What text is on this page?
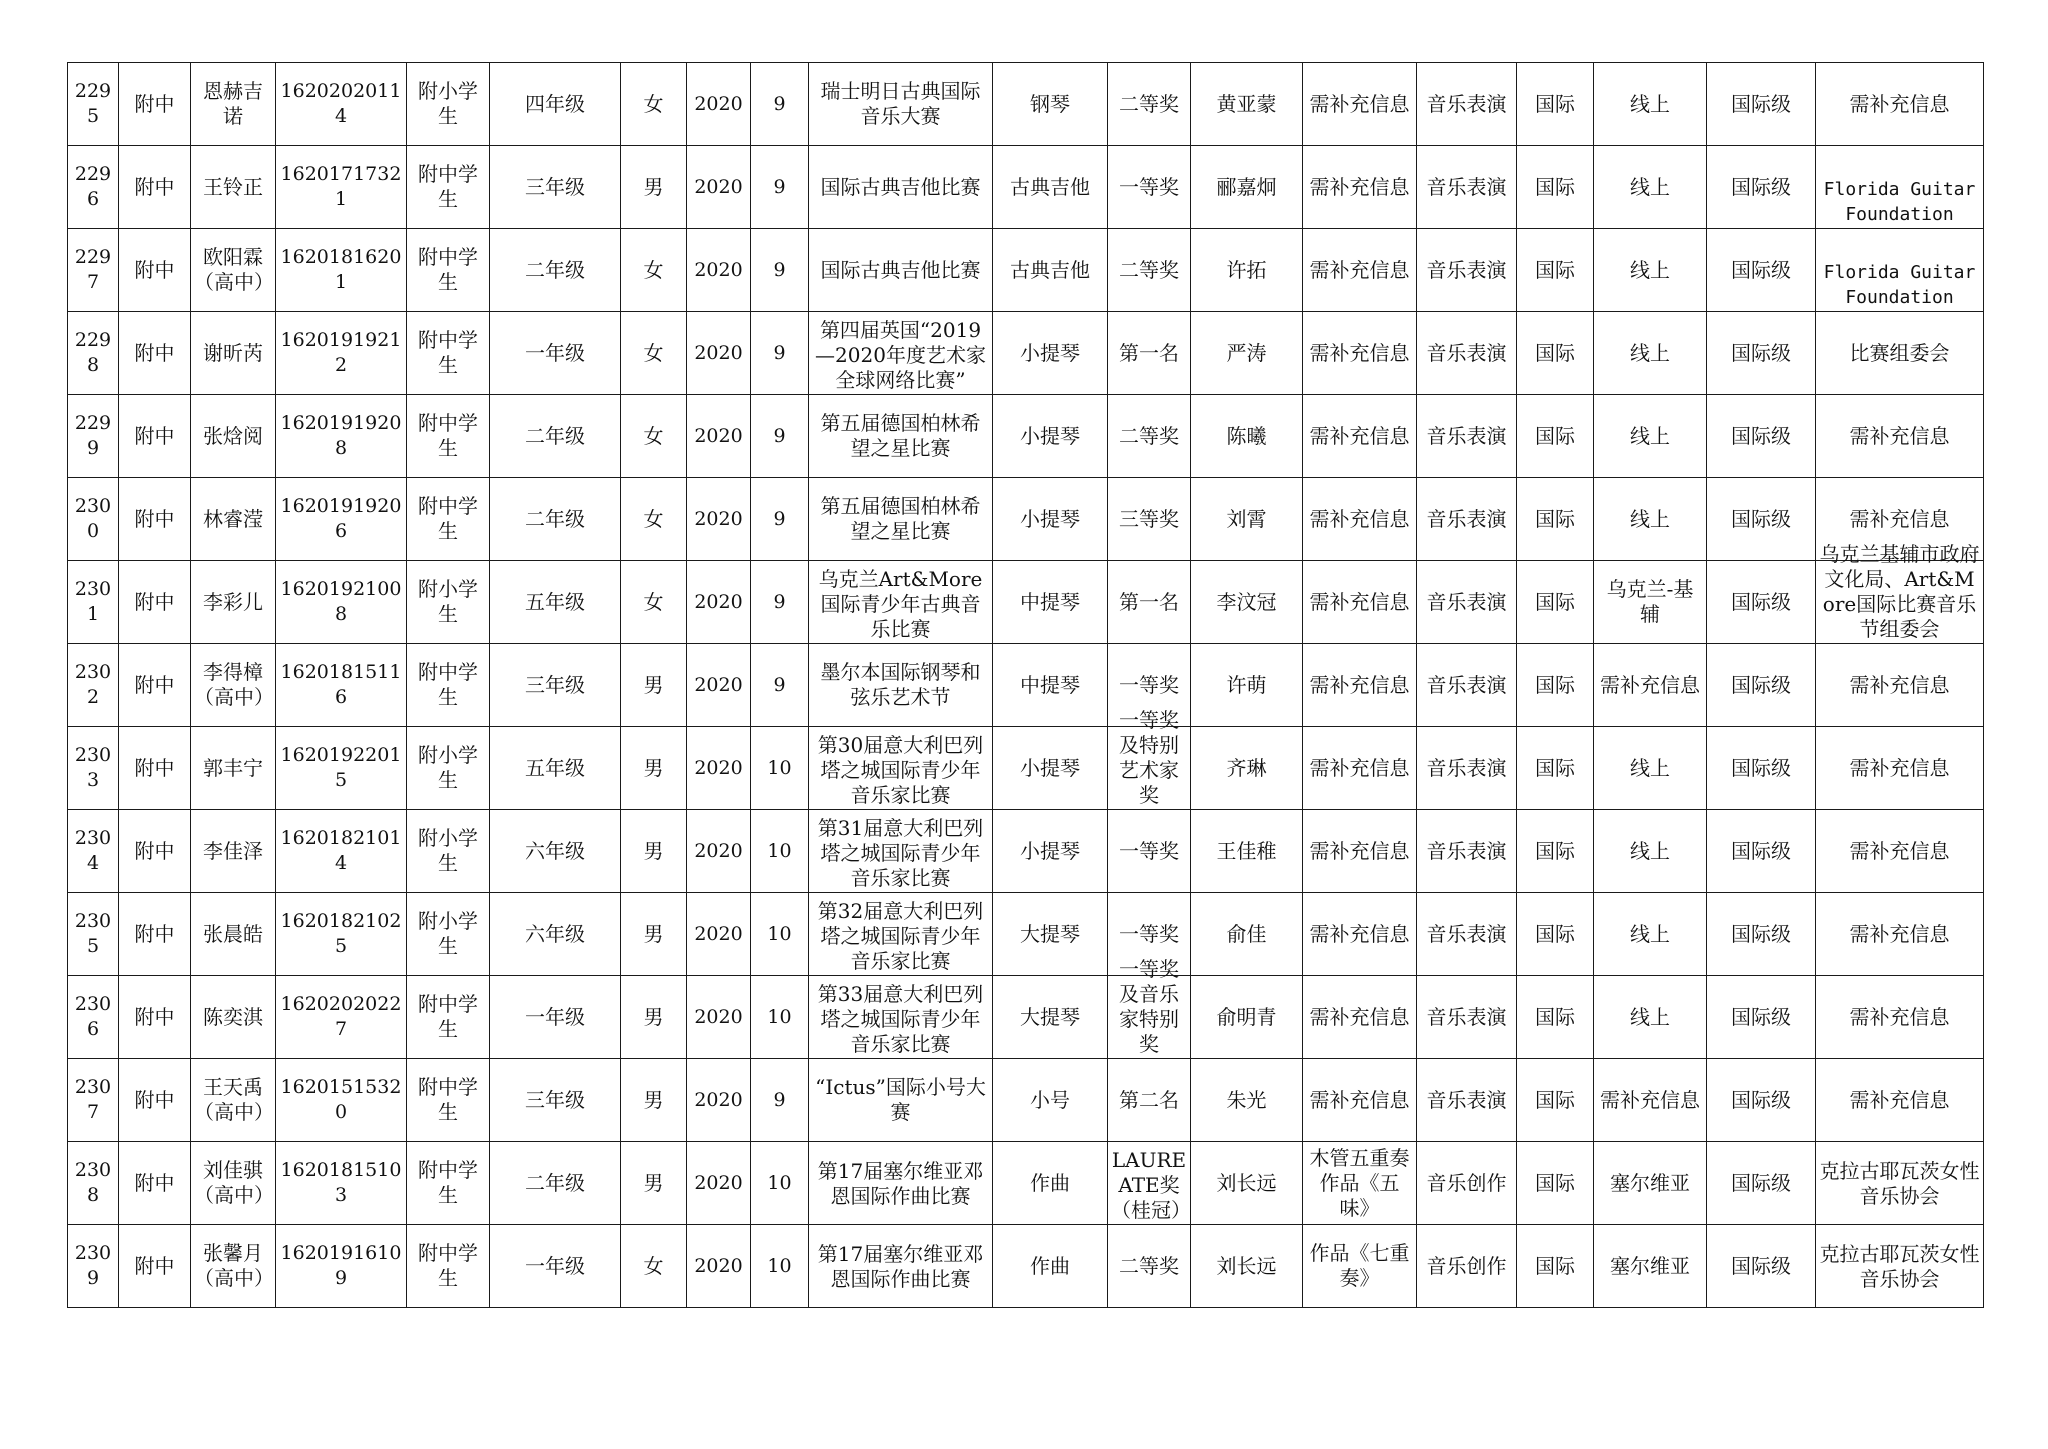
2295	附中	恩赫吉诺	16202020114	附小学生	四年级	女	2020	9	瑞士明日古典国际音乐大赛	钢琴	二等奖	黄亚蒙	需补充信息	音乐表演	国际	线上	国际级	需补充信息
2296	附中	王铃正	16201717321	附中学生	三年级	男	2020	9	国际古典吉他比赛	古典吉他	一等奖	郦嘉炯	需补充信息	音乐表演	国际	线上	国际级	Florida Guitar Foundation

2297	附中	欧阳霖（高中）	16201816201	附中学生	二年级	女	2020	9	国际古典吉他比赛	古典吉他	二等奖	许拓	需补充信息	音乐表演	国际	线上	国际级	Florida Guitar Foundation

2298	附中	谢昕芮	16201919212	附中学生	一年级	女	2020	9	第四届英国“2019—2020年度艺术家全球网络比赛”	小提琴	第一名	严涛	需补充信息	音乐表演	国际	线上	国际级	比赛组委会
2299	附中	张焓阅	16201919208	附中学生	二年级	女	2020	9	第五届德国柏林希望之星比赛	小提琴	二等奖	陈曦	需补充信息	音乐表演	国际	线上	国际级	需补充信息
2300	附中	林睿滢	16201919206	附中学生	二年级	女	2020	9	第五届德国柏林希望之星比赛	小提琴	三等奖	刘霄	需补充信息	音乐表演	国际	线上	国际级	需补充信息
2301	附中	李彩儿	16201921008	附小学生	五年级	女	2020	9	乌克兰Art&More国际青少年古典音乐比赛	中提琴	第一名	李汶冠	需补充信息	音乐表演	国际	乌克兰-基辅	国际级	乌克兰基辅市政府文化局、Art&More国际比赛音乐节组委会

2302	附中	李得樟（高中）	16201815116	附中学生	三年级	男	2020	9	墨尔本国际钢琴和弦乐艺术节	中提琴	一等奖	许萌	需补充信息	音乐表演	国际	需补充信息	国际级	需补充信息
2303	附中	郭丰宁	16201922015	附小学生	五年级	男	2020	10	第30届意大利巴列塔之城国际青少年音乐家比赛	小提琴	一等奖及特别艺术家奖	齐琳	需补充信息	音乐表演	国际	线上	国际级	需补充信息
2304	附中	李佳泽	16201821014	附小学生	六年级	男	2020	10	第31届意大利巴列塔之城国际青少年音乐家比赛	小提琴	一等奖	王佳稚	需补充信息	音乐表演	国际	线上	国际级	需补充信息
2305	附中	张晨皓	16201821025	附小学生	六年级	男	2020	10	第32届意大利巴列塔之城国际青少年音乐家比赛	大提琴	一等奖	俞佳	需补充信息	音乐表演	国际	线上	国际级	需补充信息
2306	附中	陈奕淇	16202020227	附中学生	一年级	男	2020	10	第33届意大利巴列塔之城国际青少年音乐家比赛	大提琴	一等奖及音乐家特别奖	俞明青	需补充信息	音乐表演	国际	线上	国际级	需补充信息
2307	附中	王天禹（高中）	16201515320	附中学生	三年级	男	2020	9	“Ictus”国际小号大赛	小号	第二名	朱光	需补充信息	音乐表演	国际	需补充信息	国际级	需补充信息
2308	附中	刘佳骐（高中）	16201815103	附中学生	二年级	男	2020	10	第17届塞尔维亚邓恩国际作曲比赛	作曲	LAUREATE奖（桂冠）	刘长远	木管五重奏作品《五味》	音乐创作	国际	塞尔维亚	国际级	克拉古耶瓦茨女性音乐协会

2309	附中	张馨月（高中）	16201916109	附中学生	一年级	女	2020	10	第17届塞尔维亚邓恩国际作曲比赛	作曲	二等奖	刘长远	作品《七重奏》	音乐创作	国际	塞尔维亚	国际级	克拉古耶瓦茨女性音乐协会
